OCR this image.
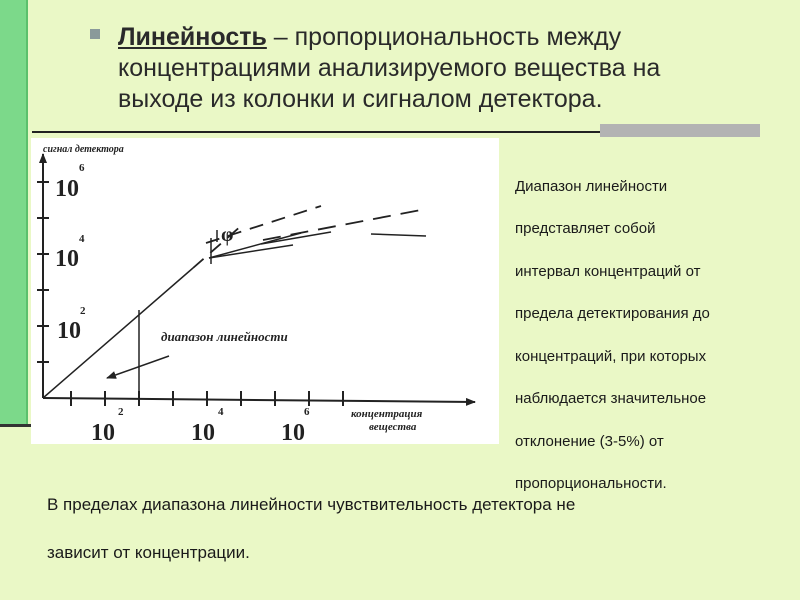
Линейность – пропорциональность между
концентрациями анализируемого вещества на
выходе из колонки и сигналом детектора.
сигнал детектора
концентрация
вещества
10
6
10
4
10
2
10
2
10
4
10
6
φ
диапазон линейности
Диапазон линейности
представляет собой
интервал концентраций от
предела детектирования до
концентраций, при которых
наблюдается значительное
отклонение (3-5%) от
пропорциональности.
В пределах диапазона линейности чувствительность детектора не
зависит от концентрации.
